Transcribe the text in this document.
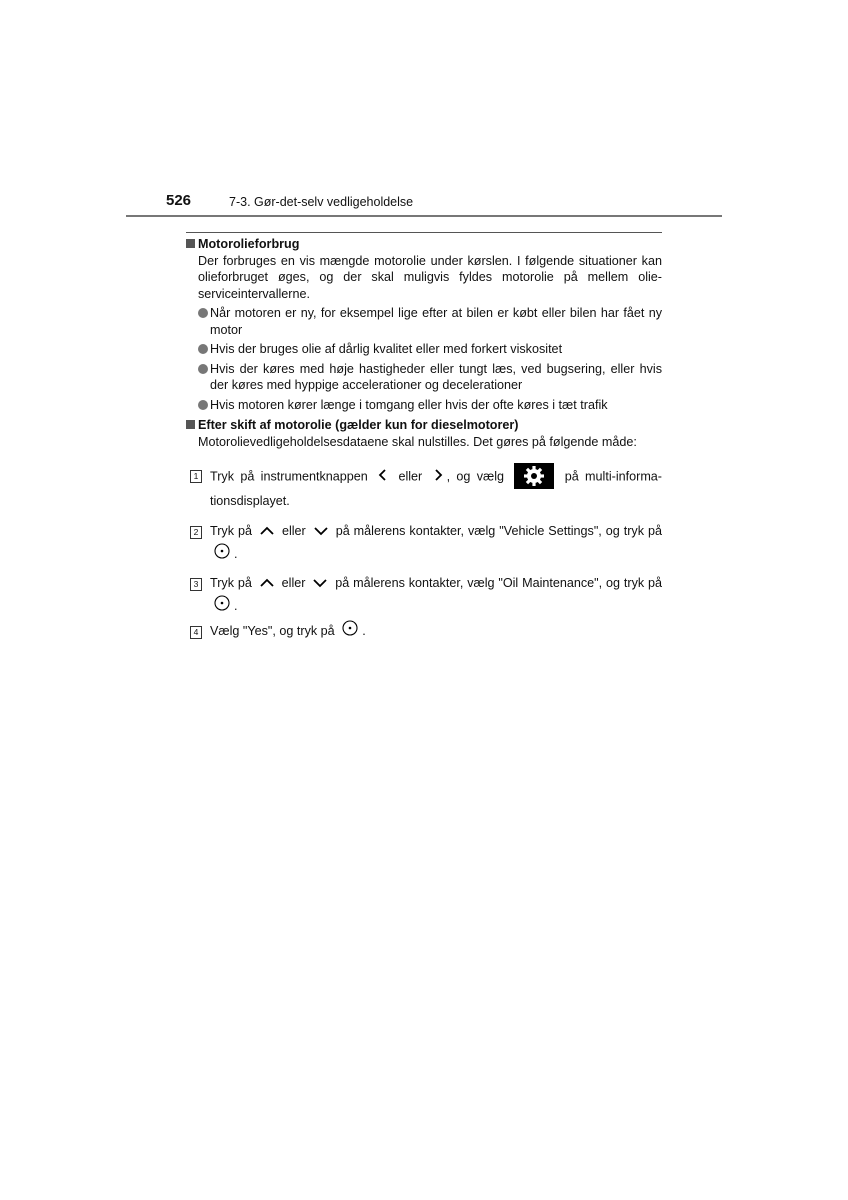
526	7-3. Gør-det-selv vedligeholdelse
Motorolieforbrug
Der forbruges en vis mængde motorolie under kørslen. I følgende situationer kan olieforbruget øges, og der skal muligvis fyldes motorolie på mellem olie-serviceintervallerne.
Når motoren er ny, for eksempel lige efter at bilen er købt eller bilen har fået ny motor
Hvis der bruges olie af dårlig kvalitet eller med forkert viskositet
Hvis der køres med høje hastigheder eller tungt læs, ved bugsering, eller hvis der køres med hyppige accelerationer og decelerationer
Hvis motoren kører længe i tomgang eller hvis der ofte køres i tæt trafik
Efter skift af motorolie (gælder kun for dieselmotorer)
Motorolievedligeholdelsesdataene skal nulstilles. Det gøres på følgende måde:
1 Tryk på instrumentknappen eller , og vælg	på multi-informa-tionsdisplayet.
2 Tryk på eller på målerens kontakter, vælg "Vehicle Settings", og tryk på .
3 Tryk på eller på målerens kontakter, vælg "Oil Maintenance", og tryk på .
4 Vælg "Yes", og tryk på .
